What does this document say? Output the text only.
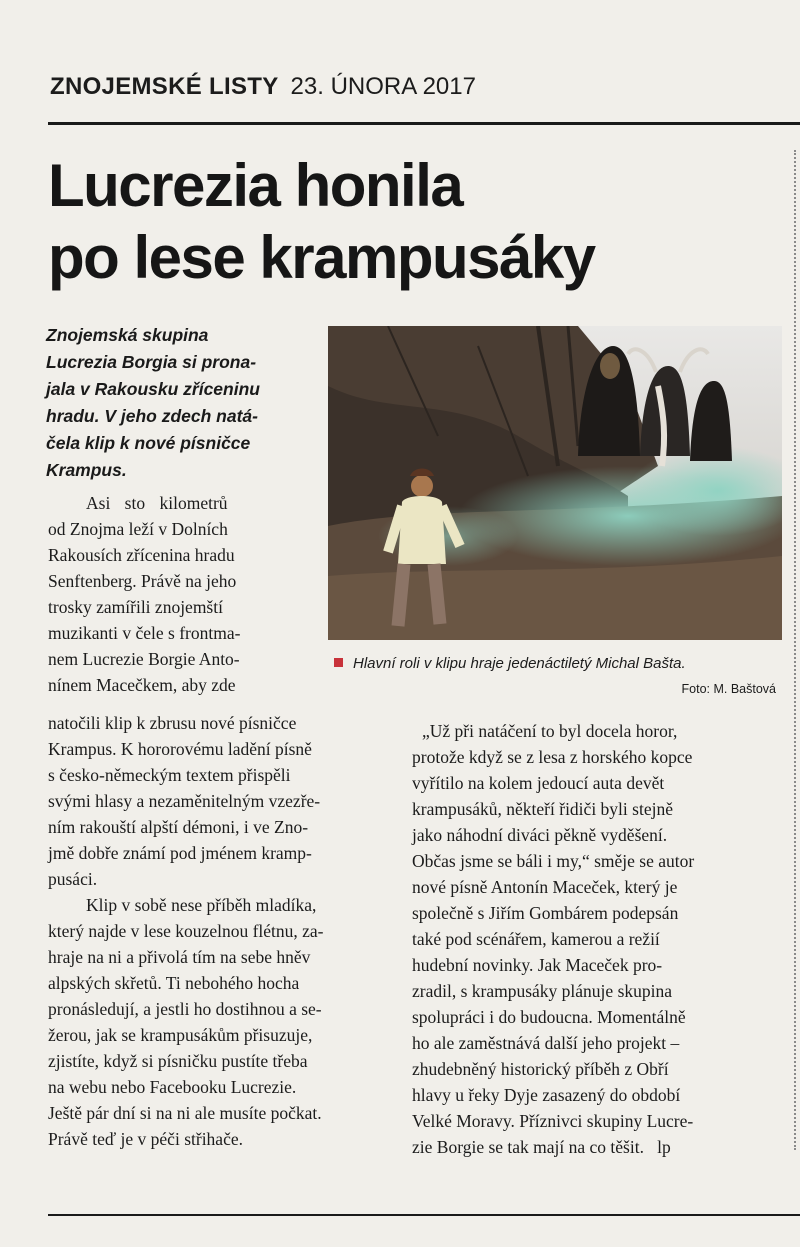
ZNOJEMSKÉ LISTY 23. ÚNORA 2017
Lucrezia honila
po lese krampusáky

Znojemská skupina
Lucrezia Borgia si prona-
jala v Rakousku zříceninu
hradu. V jeho zdech natá-
čela klip k nové písničce
Krampus.

Hlavní roli v klipu hraje jedenáctiletý Michal Bašta.

Foto: M. Baštová

Asi sto kilometrů
od Znojma leží v Dolních
Rakousích zřícenina hradu
Senftenberg. Právě na jeho
trosky zamířili znojemští
muzikanti v čele s frontma-
nem Lucrezie Borgie Anto-
nínem Macečkem, aby zde

natočili klip k zbrusu nové písničce
Krampus. K hororovému ladění písně
s česko-německým textem přispěli
svými hlasy a nezaměnitelným vzezře-
ním rakouští alpští démoni, i ve Zno-
jmě dobře známí pod jménem kramp-
pusáci.
Klip v sobě nese příběh mladíka,
který najde v lese kouzelnou flétnu, za-
hraje na ni a přivolá tím na sebe hněv
alpských skřetů. Ti nebohého hocha
pronásledují, a jestli ho dostihnou a se-
žerou, jak se krampusákům přisuzuje,
zjistíte, když si písničku pustíte třeba
na webu nebo Facebooku Lucrezie.
Ještě pár dní si na ni ale musíte počkat.
Právě teď je v péči střihače.

„Už při natáčení to byl docela horor,
protože když se z lesa z horského kopce
vyřítilo na kolem jedoucí auta devět
krampusáků, někteří řidiči byli stejně
jako náhodní diváci pěkně vyděšení.
Občas jsme se báli i my,“ směje se autor
nové písně Antonín Maceček, který je
společně s Jiřím Gombárem podepsán
také pod scénářem, kamerou a režií
hudební novinky. Jak Maceček pro-
zradil, s krampusáky plánuje skupina
spolupráci i do budoucna. Momentálně
ho ale zaměstnává další jeho projekt –
zhudebněný historický příběh z Obří
hlavy u řeky Dyje zasazený do období
Velké Moravy. Příznivci skupiny Lucre-
zie Borgie se tak mají na co těšit.   lp
